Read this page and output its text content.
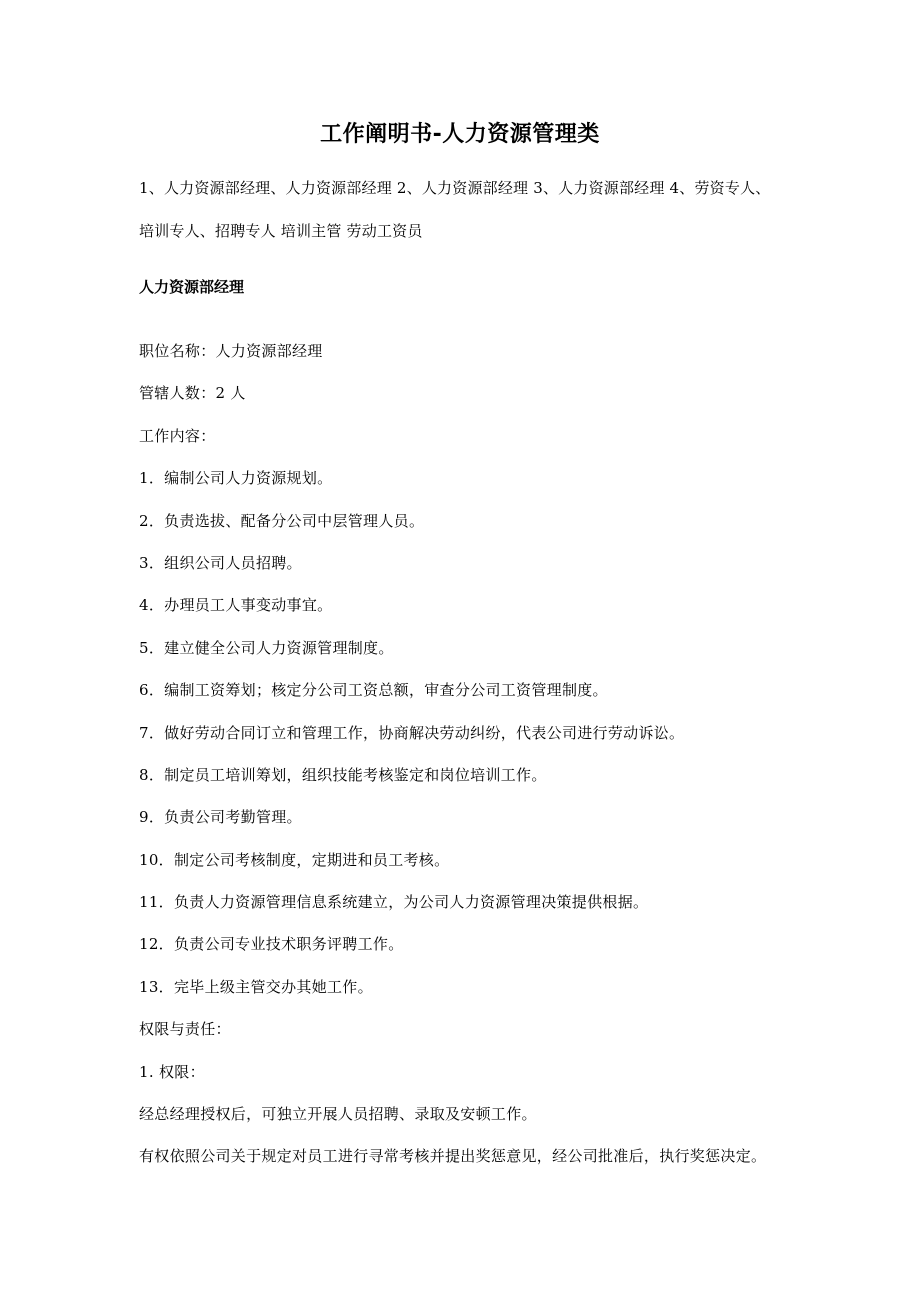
工作阐明书-人力资源管理类
1、人力资源部经理、人力资源部经理 2、人力资源部经理 3、人力资源部经理 4、劳资专人、
培训专人、招聘专人 培训主管 劳动工资员
人力资源部经理
职位名称：人力资源部经理
管辖人数：2 人
工作内容：
1．编制公司人力资源规划。
2．负责选拔、配备分公司中层管理人员。
3．组织公司人员招聘。
4．办理员工人事变动事宜。
5．建立健全公司人力资源管理制度。
6．编制工资筹划；核定分公司工资总额，审查分公司工资管理制度。
7．做好劳动合同订立和管理工作，协商解决劳动纠纷，代表公司进行劳动诉讼。
8．制定员工培训筹划，组织技能考核鉴定和岗位培训工作。
9．负责公司考勤管理。
10．制定公司考核制度，定期进和员工考核。
11．负责人力资源管理信息系统建立，为公司人力资源管理决策提供根据。
12．负责公司专业技术职务评聘工作。
13．完毕上级主管交办其她工作。
权限与责任：
1. 权限：
经总经理授权后，可独立开展人员招聘、录取及安顿工作。
有权依照公司关于规定对员工进行寻常考核并提出奖惩意见，经公司批准后，执行奖惩决定。
